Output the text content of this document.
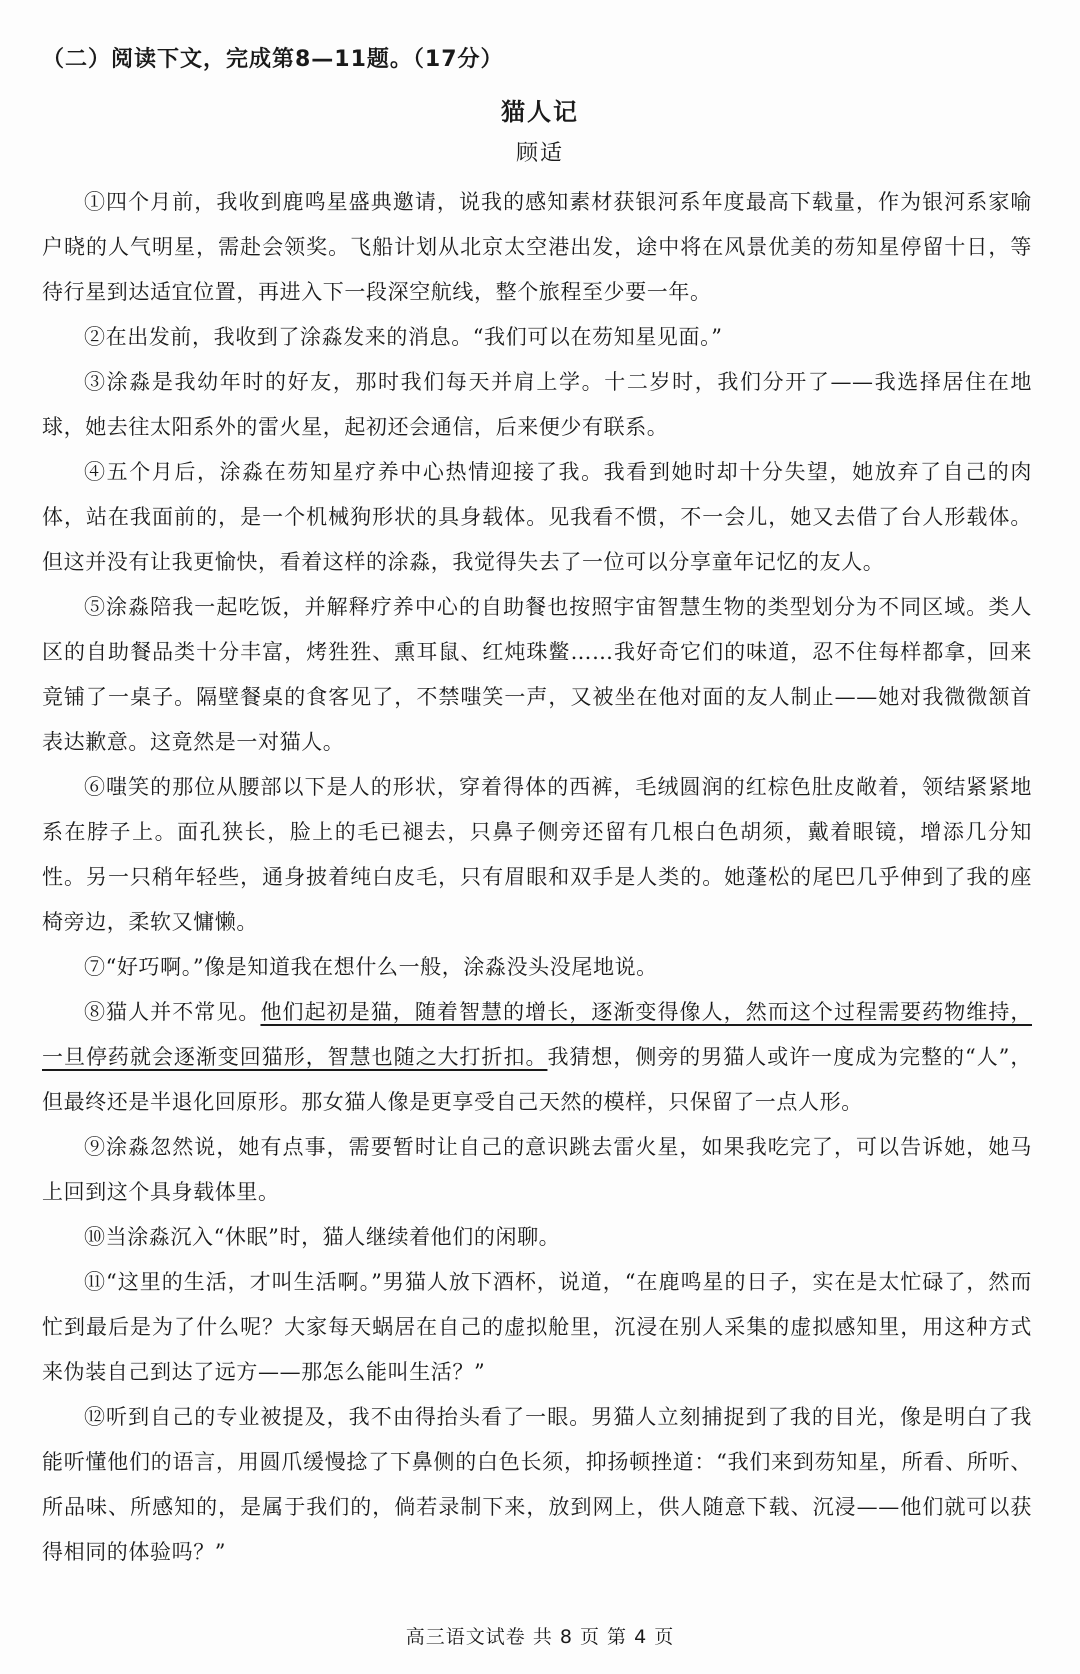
（二）阅读下文，完成第8—11题。（17分）
猫人记
顾适

①四个月前，我收到鹿鸣星盛典邀请，说我的感知素材获银河系年度最高下载量，作为银河系家喻户晓的人气明星，需赴会领奖。飞船计划从北京太空港出发，途中将在风景优美的芴知星停留十日，等待行星到达适宜位置，再进入下一段深空航线，整个旅程至少要一年。

②在出发前，我收到了涂淼发来的消息。“我们可以在芴知星见面。”

③涂淼是我幼年时的好友，那时我们每天并肩上学。十二岁时，我们分开了——我选择居住在地球，她去往太阳系外的雷火星，起初还会通信，后来便少有联系。

④五个月后，涂淼在芴知星疗养中心热情迎接了我。我看到她时却十分失望，她放弃了自己的肉体，站在我面前的，是一个机械狗形状的具身载体。见我看不惯，不一会儿，她又去借了台人形载体。但这并没有让我更愉快，看着这样的涂淼，我觉得失去了一位可以分享童年记忆的友人。

⑤涂淼陪我一起吃饭，并解释疗养中心的自助餐也按照宇宙智慧生物的类型划分为不同区域。类人区的自助餐品类十分丰富，烤狌狌、熏耳鼠、红炖珠鳖……我好奇它们的味道，忍不住每样都拿，回来竟铺了一桌子。隔壁餐桌的食客见了，不禁嗤笑一声，又被坐在他对面的友人制止——她对我微微颔首表达歉意。这竟然是一对猫人。

⑥嗤笑的那位从腰部以下是人的形状，穿着得体的西裤，毛绒圆润的红棕色肚皮敞着，领结紧紧地系在脖子上。面孔狭长，脸上的毛已褪去，只鼻子侧旁还留有几根白色胡须，戴着眼镜，增添几分知性。另一只稍年轻些，通身披着纯白皮毛，只有眉眼和双手是人类的。她蓬松的尾巴几乎伸到了我的座椅旁边，柔软又慵懒。

⑦“好巧啊。”像是知道我在想什么一般，涂淼没头没尾地说。

⑧猫人并不常见。他们起初是猫，随着智慧的增长，逐渐变得像人，然而这个过程需要药物维持，一旦停药就会逐渐变回猫形，智慧也随之大打折扣。我猜想，侧旁的男猫人或许一度成为完整的“人”，但最终还是半退化回原形。那女猫人像是更享受自己天然的模样，只保留了一点人形。

⑨涂淼忽然说，她有点事，需要暂时让自己的意识跳去雷火星，如果我吃完了，可以告诉她，她马上回到这个具身载体里。

⑩当涂淼沉入“休眠”时，猫人继续着他们的闲聊。

⑪“这里的生活，才叫生活啊。”男猫人放下酒杯，说道，“在鹿鸣星的日子，实在是太忙碌了，然而忙到最后是为了什么呢？大家每天蜗居在自己的虚拟舱里，沉浸在别人采集的虚拟感知里，用这种方式来伪装自己到达了远方——那怎么能叫生活？”

⑫听到自己的专业被提及，我不由得抬头看了一眼。男猫人立刻捕捉到了我的目光，像是明白了我能听懂他们的语言，用圆爪缓慢捻了下鼻侧的白色长须，抑扬顿挫道：“我们来到芴知星，所看、所听、所品味、所感知的，是属于我们的，倘若录制下来，放到网上，供人随意下载、沉浸——他们就可以获得相同的体验吗？”

高三语文试卷 共 8 页 第 4 页
